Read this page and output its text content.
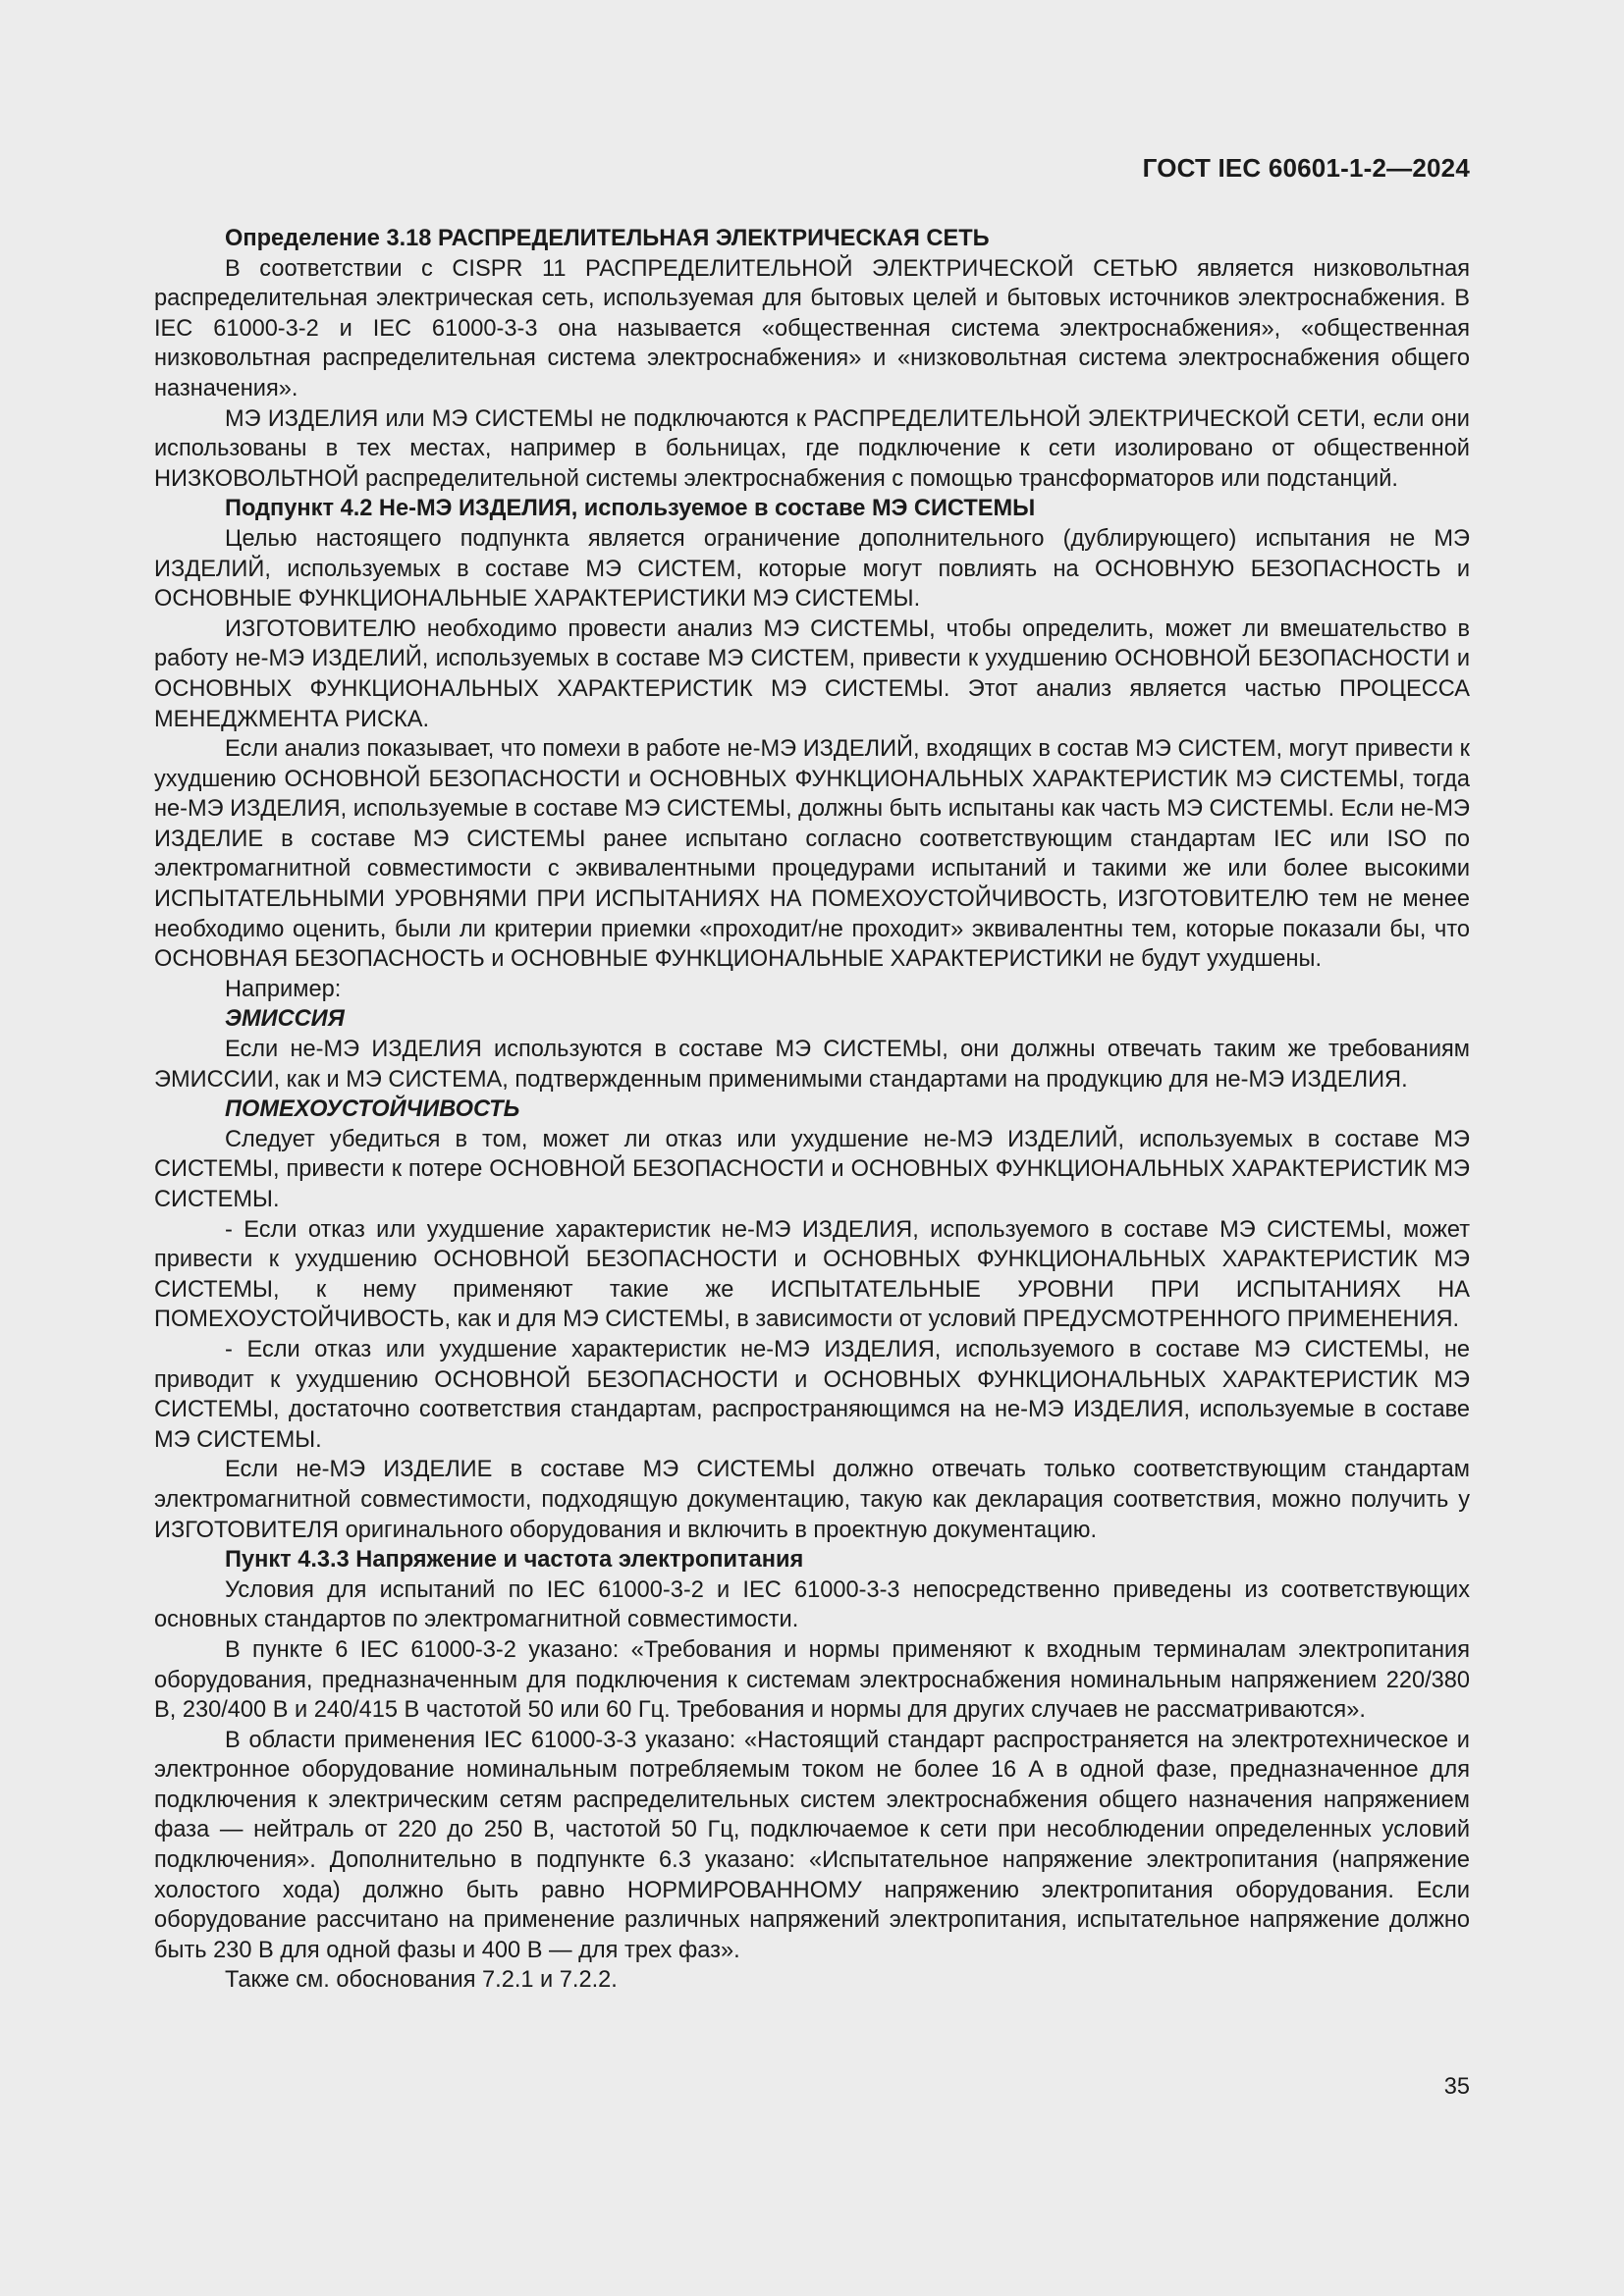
ГОСТ IEC 60601-1-2—2024

Определение 3.18 РАСПРЕДЕЛИТЕЛЬНАЯ ЭЛЕКТРИЧЕСКАЯ СЕТЬ

В соответствии с CISPR 11 РАСПРЕДЕЛИТЕЛЬНОЙ ЭЛЕКТРИЧЕСКОЙ СЕТЬЮ является низковольтная распределительная электрическая сеть, используемая для бытовых целей и бытовых источников электроснабжения. В IEC 61000-3-2 и IEC 61000-3-3 она называется «общественная система электроснабжения», «общественная низковольтная распределительная система электроснабжения» и «низковольтная система электроснабжения общего назначения».

МЭ ИЗДЕЛИЯ или МЭ СИСТЕМЫ не подключаются к РАСПРЕДЕЛИТЕЛЬНОЙ ЭЛЕКТРИЧЕСКОЙ СЕТИ, если они использованы в тех местах, например в больницах, где подключение к сети изолировано от общественной НИЗКОВОЛЬТНОЙ распределительной системы электроснабжения с помощью трансформаторов или подстанций.

Подпункт 4.2 Не-МЭ ИЗДЕЛИЯ, используемое в составе МЭ СИСТЕМЫ

Целью настоящего подпункта является ограничение дополнительного (дублирующего) испытания не МЭ ИЗДЕЛИЙ, используемых в составе МЭ СИСТЕМ, которые могут повлиять на ОСНОВНУЮ БЕЗОПАСНОСТЬ и ОСНОВНЫЕ ФУНКЦИОНАЛЬНЫЕ ХАРАКТЕРИСТИКИ МЭ СИСТЕМЫ.

ИЗГОТОВИТЕЛЮ необходимо провести анализ МЭ СИСТЕМЫ, чтобы определить, может ли вмешательство в работу не-МЭ ИЗДЕЛИЙ, используемых в составе МЭ СИСТЕМ, привести к ухудшению ОСНОВНОЙ БЕЗОПАСНОСТИ и ОСНОВНЫХ ФУНКЦИОНАЛЬНЫХ ХАРАКТЕРИСТИК МЭ СИСТЕМЫ. Этот анализ является частью ПРОЦЕССА МЕНЕДЖМЕНТА РИСКА.

Если анализ показывает, что помехи в работе не-МЭ ИЗДЕЛИЙ, входящих в состав МЭ СИСТЕМ, могут привести к ухудшению ОСНОВНОЙ БЕЗОПАСНОСТИ и ОСНОВНЫХ ФУНКЦИОНАЛЬНЫХ ХАРАКТЕРИСТИК МЭ СИСТЕМЫ, тогда не-МЭ ИЗДЕЛИЯ, используемые в составе МЭ СИСТЕМЫ, должны быть испытаны как часть МЭ СИСТЕМЫ. Если не-МЭ ИЗДЕЛИЕ в составе МЭ СИСТЕМЫ ранее испытано согласно соответствующим стандартам IEC или ISO по электромагнитной совместимости с эквивалентными процедурами испытаний и такими же или более высокими ИСПЫТАТЕЛЬНЫМИ УРОВНЯМИ ПРИ ИСПЫТАНИЯХ НА ПОМЕХОУСТОЙЧИВОСТЬ, ИЗГОТОВИТЕЛЮ тем не менее необходимо оценить, были ли критерии приемки «проходит/не проходит» эквивалентны тем, которые показали бы, что ОСНОВНАЯ БЕЗОПАСНОСТЬ и ОСНОВНЫЕ ФУНКЦИОНАЛЬНЫЕ ХАРАКТЕРИСТИКИ не будут ухудшены.

Например:

ЭМИССИЯ

Если не-МЭ ИЗДЕЛИЯ используются в составе МЭ СИСТЕМЫ, они должны отвечать таким же требованиям ЭМИССИИ, как и МЭ СИСТЕМА, подтвержденным применимыми стандартами на продукцию для не-МЭ ИЗДЕЛИЯ.

ПОМЕХОУСТОЙЧИВОСТЬ

Следует убедиться в том, может ли отказ или ухудшение не-МЭ ИЗДЕЛИЙ, используемых в составе МЭ СИСТЕМЫ, привести к потере ОСНОВНОЙ БЕЗОПАСНОСТИ и ОСНОВНЫХ ФУНКЦИОНАЛЬНЫХ ХАРАКТЕРИСТИК МЭ СИСТЕМЫ.

- Если отказ или ухудшение характеристик не-МЭ ИЗДЕЛИЯ, используемого в составе МЭ СИСТЕМЫ, может привести к ухудшению ОСНОВНОЙ БЕЗОПАСНОСТИ и ОСНОВНЫХ ФУНКЦИОНАЛЬНЫХ ХАРАКТЕРИСТИК МЭ СИСТЕМЫ, к нему применяют такие же ИСПЫТАТЕЛЬНЫЕ УРОВНИ ПРИ ИСПЫТАНИЯХ НА ПОМЕХОУСТОЙЧИВОСТЬ, как и для МЭ СИСТЕМЫ, в зависимости от условий ПРЕДУСМОТРЕННОГО ПРИМЕНЕНИЯ.

- Если отказ или ухудшение характеристик не-МЭ ИЗДЕЛИЯ, используемого в составе МЭ СИСТЕМЫ, не приводит к ухудшению ОСНОВНОЙ БЕЗОПАСНОСТИ и ОСНОВНЫХ ФУНКЦИОНАЛЬНЫХ ХАРАКТЕРИСТИК МЭ СИСТЕМЫ, достаточно соответствия стандартам, распространяющимся на не-МЭ ИЗДЕЛИЯ, используемые в составе МЭ СИСТЕМЫ.

Если не-МЭ ИЗДЕЛИЕ в составе МЭ СИСТЕМЫ должно отвечать только соответствующим стандартам электромагнитной совместимости, подходящую документацию, такую как декларация соответствия, можно получить у ИЗГОТОВИТЕЛЯ оригинального оборудования и включить в проектную документацию.

Пункт 4.3.3 Напряжение и частота электропитания

Условия для испытаний по IEC 61000-3-2 и IEC 61000-3-3 непосредственно приведены из соответствующих основных стандартов по электромагнитной совместимости.

В пункте 6 IEC 61000-3-2 указано: «Требования и нормы применяют к входным терминалам электропитания оборудования, предназначенным для подключения к системам электроснабжения номинальным напряжением 220/380 В, 230/400 В и 240/415 В частотой 50 или 60 Гц. Требования и нормы для других случаев не рассматриваются».

В области применения IEC 61000-3-3 указано: «Настоящий стандарт распространяется на электротехническое и электронное оборудование номинальным потребляемым током не более 16 А в одной фазе, предназначенное для подключения к электрическим сетям распределительных систем электроснабжения общего назначения напряжением фаза — нейтраль от 220 до 250 В, частотой 50 Гц, подключаемое к сети при несоблюдении определенных условий подключения». Дополнительно в подпункте 6.3 указано: «Испытательное напряжение электропитания (напряжение холостого хода) должно быть равно НОРМИРОВАННОМУ напряжению электропитания оборудования. Если оборудование рассчитано на применение различных напряжений электропитания, испытательное напряжение должно быть 230 В для одной фазы и 400 В — для трех фаз».

Также см. обоснования 7.2.1 и 7.2.2.

35
